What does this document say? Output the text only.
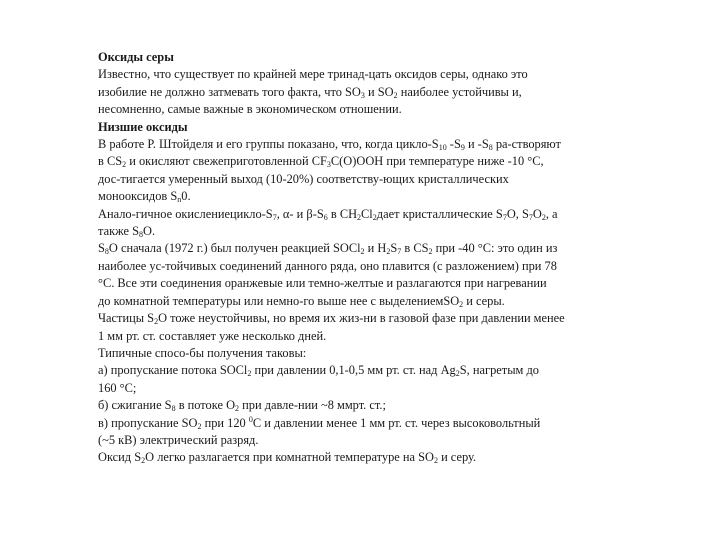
Оксиды серы
Известно, что существует по крайней мере тринад-цать оксидов серы, однако это
изобилие не должно затмевать того факта, что $SO_3$ и $SO_2$ наиболее устойчивы и,
несомненно, самые важные в экономическом отношении.
Низшие оксиды
В работе Р. Штойделя и его группы показано, что, когда цикло-$S_{10}$ $-S_9$ и $-S_8$ ра-створяют
в $CS_2$ и окисляют свежеприготовленной $CF_3C(O)OOH$ при температуре ниже -10 °C,
дос-тигается умеренный выход (10-20%) соответству-ющих кристаллических
монооксидов $S_n0$.
Анало-гичное окислениецикло-$S_7$, α- и $\beta-S_6$ в $CH_2Cl_2дает$ кристаллические $S_7O$, $S_7O_2$, а
также $S_8O$.
$S_8O$ сначала (1972 г.) был получен реакцией SOCl$_2$ и $H_2S_7$ в $CS_2$ при -40 °C: это один из
наиболее ус-тойчивых соединений данного ряда, оно плавится (с разложением) при 78
°C. Все эти соединения оранжевые или темно-желтые и разлагаются при нагревании
до комнатной температуры или немно-го выше нее с выделениемSO$_2$ и серы.
Частицы $S_2O$ тоже неустойчивы, но время их жиз-ни в газовой фазе при давлении менее
1 мм рт. ст. составляет уже несколько дней.
Типичные спосо-бы получения таковы:
а) пропускание потока SOCl$_2$ при давлении 0,1-0,5 мм рт. ст. над $Ag_2S$, нагретым до
160 °C;
б) сжигание $S_8$ в потоке $O_2$ при давле-нии ~8 ммрт. ст.;
в) пропускание $SO_2$ при 120 $^0$C и давлении менее 1 мм рт. ст. через высоковольтный
(~5 кВ) электрический разряд.
Оксид $S_2O$ легко разлагается при комнатной температуре на $SO_2$ и серу.
